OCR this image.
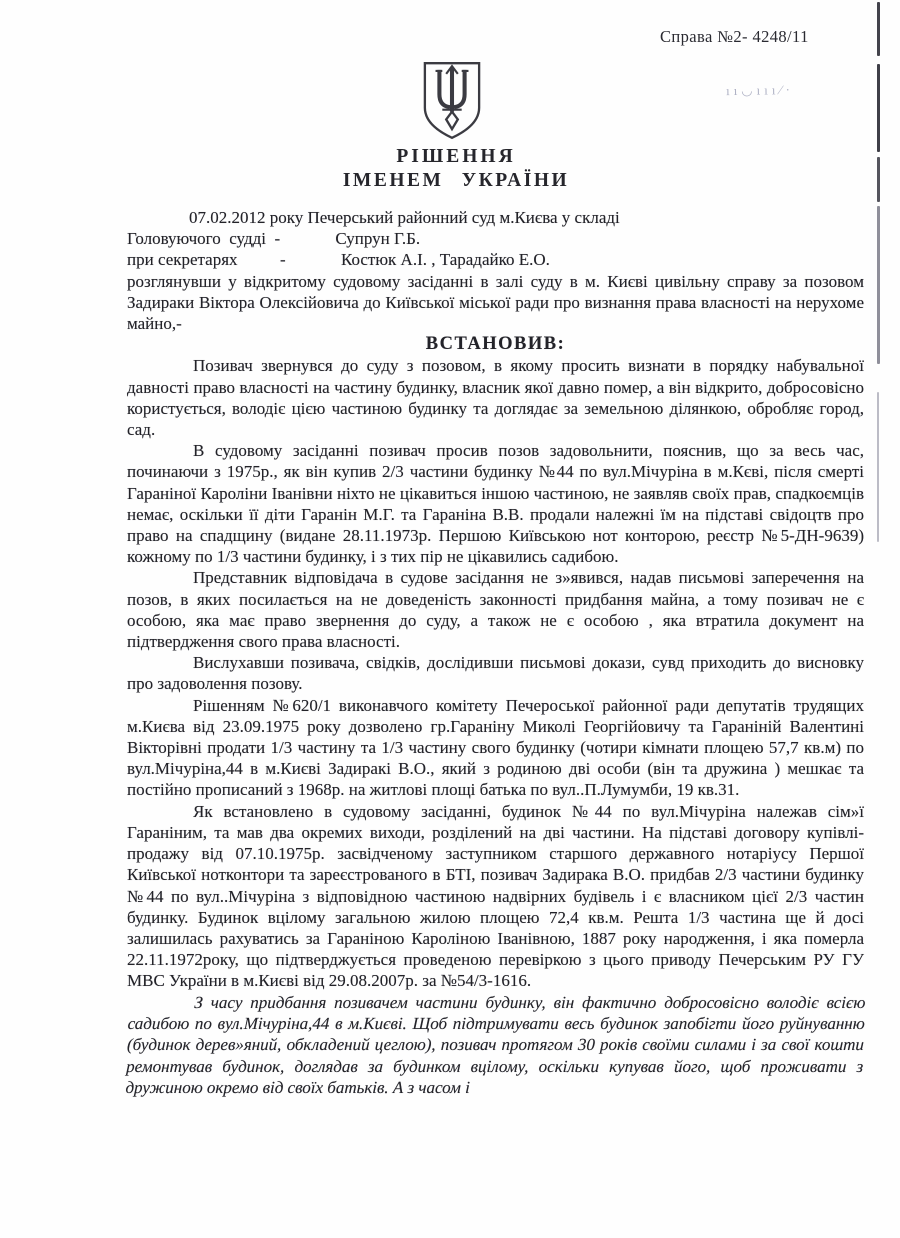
Справа №2- 4248/11
ıı◡ııı⁄·
РІШЕННЯ
ІМЕНЕМ УКРАЇНИ

07.02.2012 року Печерський районний суд м.Києва у складі

Головуючого  судді  -             Супрун Г.Б.

при секретарях          -             Костюк А.І. , Тарадайко Е.О.

розглянувши у відкритому судовому засіданні в залі суду в м. Києві цивільну справу за позовом Задираки Віктора Олексійовича до Київської міської ради про визнання права власності на нерухоме майно,-

ВСТАНОВИВ:

Позивач звернувся до суду з позовом, в якому просить визнати в порядку набувальної давності право власності на частину будинку, власник якої давно помер, а він відкрито, добросовісно користується, володіє цією частиною будинку та доглядає за земельною ділянкою, обробляє город, сад.

В судовому засіданні позивач просив позов задовольнити, пояснив, що за весь час, починаючи з 1975р., як він купив 2/3 частини будинку №44 по вул.Мічуріна в м.Кєві, після смерті Гараніної Кароліни Іванівни ніхто не цікавиться іншою частиною, не заявляв своїх прав, спадкоємців немає, оскільки її діти Гаранін М.Г. та Гараніна В.В. продали належні їм на підставі свідоцтв про право на спадщину (видане 28.11.1973р. Першою Київською нот конторою, реєстр №5-ДН-9639) кожному по 1/3 частини будинку, і з тих пір не цікавились садибою.

Представник відповідача в судове засідання не з»явився, надав письмові заперечення на позов, в яких посилається на не доведеність законності придбання майна, а тому позивач не є особою, яка має право звернення до суду, а також не є особою , яка втратила документ на підтвердження свого права власності.

Вислухавши позивача, свідків, дослідивши письмові докази, сувд приходить до висновку про задоволення позову.

Рішенням №620/1 виконавчого комітету Печероської районної ради депутатів трудящих м.Києва від 23.09.1975 року дозволено гр.Гараніну Миколі Георгійовичу та Гараніній Валентині Вікторівні продати 1/3 частину та 1/3 частину свого будинку (чотири кімнати площею 57,7 кв.м) по вул.Мічуріна,44 в м.Києві Задиракі В.О., який з родиною дві особи (він та дружина ) мешкає та постійно прописаний з 1968р. на житлові площі батька по вул..П.Лумумби, 19 кв.31.

Як встановлено в судовому засіданні, будинок №44 по вул.Мічуріна належав сім»ї Гараніним, та мав два окремих виходи, розділений на дві частини. На підставі договору купівлі-продажу від 07.10.1975р. засвідченому заступником старшого державного нотаріусу Першої Київської нотконтори та зареєстрованого в БТІ, позивач Задирака В.О. придбав 2/3 частини будинку №44 по вул..Мічуріна з відповідною частиною надвірних будівель і є власником цієї 2/3 частин будинку. Будинок вцілому загальною жилою площею 72,4 кв.м. Решта 1/3 частина ще й досі залишилась рахуватись за Гараніною Кароліною Іванівною, 1887 року народження, і яка померла 22.11.1972року, що підтверджується проведеною перевіркою з цього приводу Печерським РУ ГУ МВС України в м.Києві від 29.08.2007р. за №54/3-1616.

З часу придбання позивачем частини будинку, він фактично добросовісно володіє всією садибою по вул.Мічуріна,44 в м.Києві. Щоб підтримувати весь будинок запобігти його руйнуванню (будинок дерев»яний, обкладений цеглою), позивач протягом 30 років своїми силами і за свої кошти ремонтував будинок, доглядав за будинком вцілому, оскільки купував його, щоб проживати з дружиною окремо від своїх батьків. А з часом і
